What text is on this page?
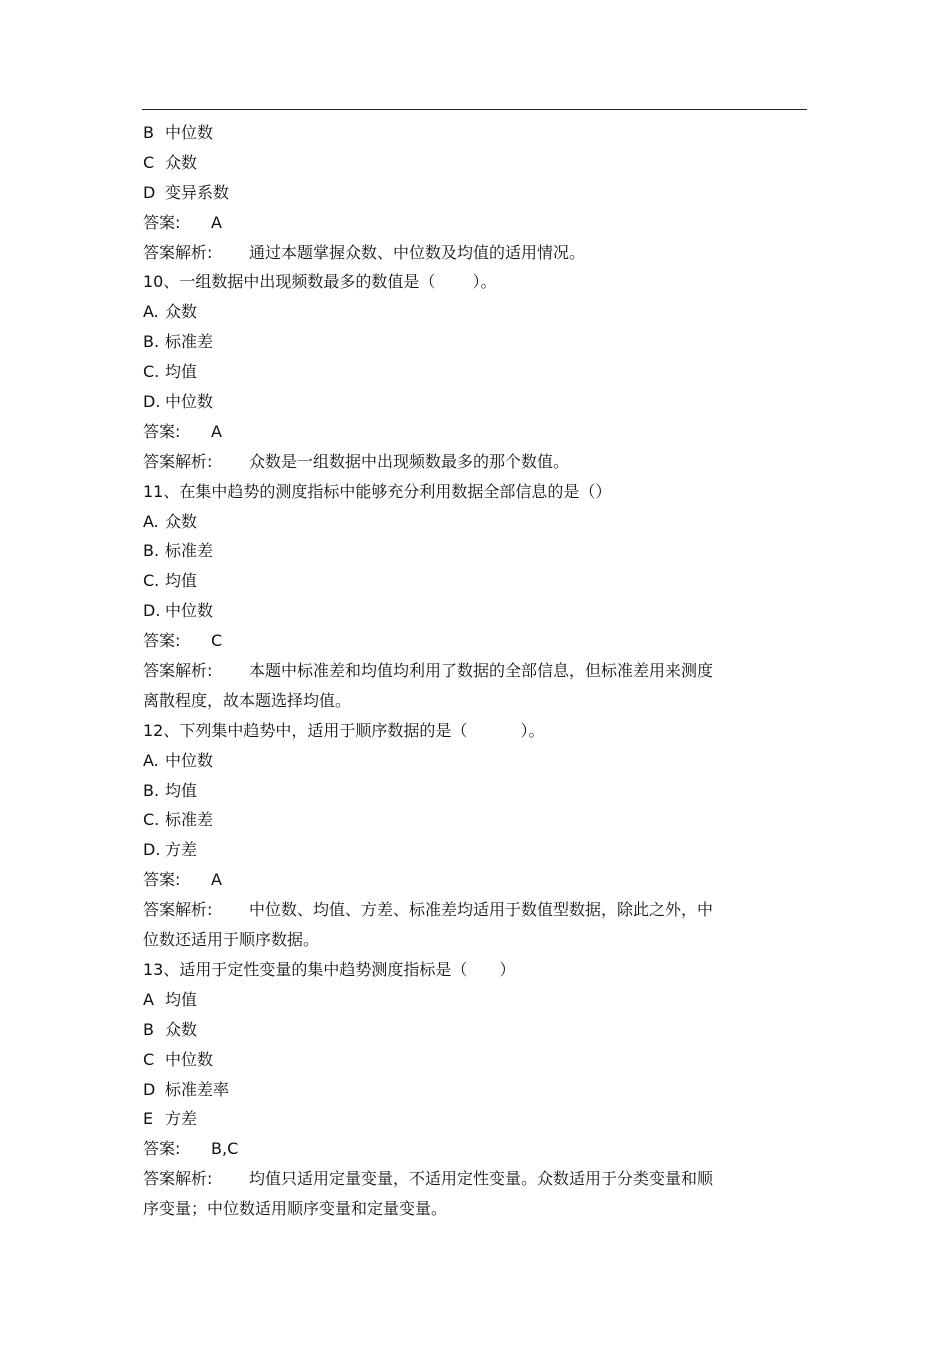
B 中位数
C 众数
D 变异系数
答案: A
答案解析: 通过本题掌握众数、中位数及均值的适用情况。
10、一组数据中出现频数最多的数值是（　　 ）。
A. 众数
B. 标准差
C. 均值
D. 中位数
答案: A
答案解析: 众数是一组数据中出现频数最多的那个数值。
11、在集中趋势的测度指标中能够充分利用数据全部信息的是（）
A. 众数
B. 标准差
C. 均值
D. 中位数
答案: C
答案解析: 本题中标准差和均值均利用了数据的全部信息，但标准差用来测度
离散程度，故本题选择均值。
12、下列集中趋势中，适用于顺序数据的是（　　　 ）。
A. 中位数
B. 均值
C. 标准差
D. 方差
答案: A
答案解析: 中位数、均值、方差、标准差均适用于数值型数据，除此之外，中
位数还适用于顺序数据。
13、适用于定性变量的集中趋势测度指标是（　　）
A 均值
B 众数
C 中位数
D 标准差率
E 方差
答案: B,C
答案解析: 均值只适用定量变量，不适用定性变量。众数适用于分类变量和顺
序变量；中位数适用顺序变量和定量变量。
